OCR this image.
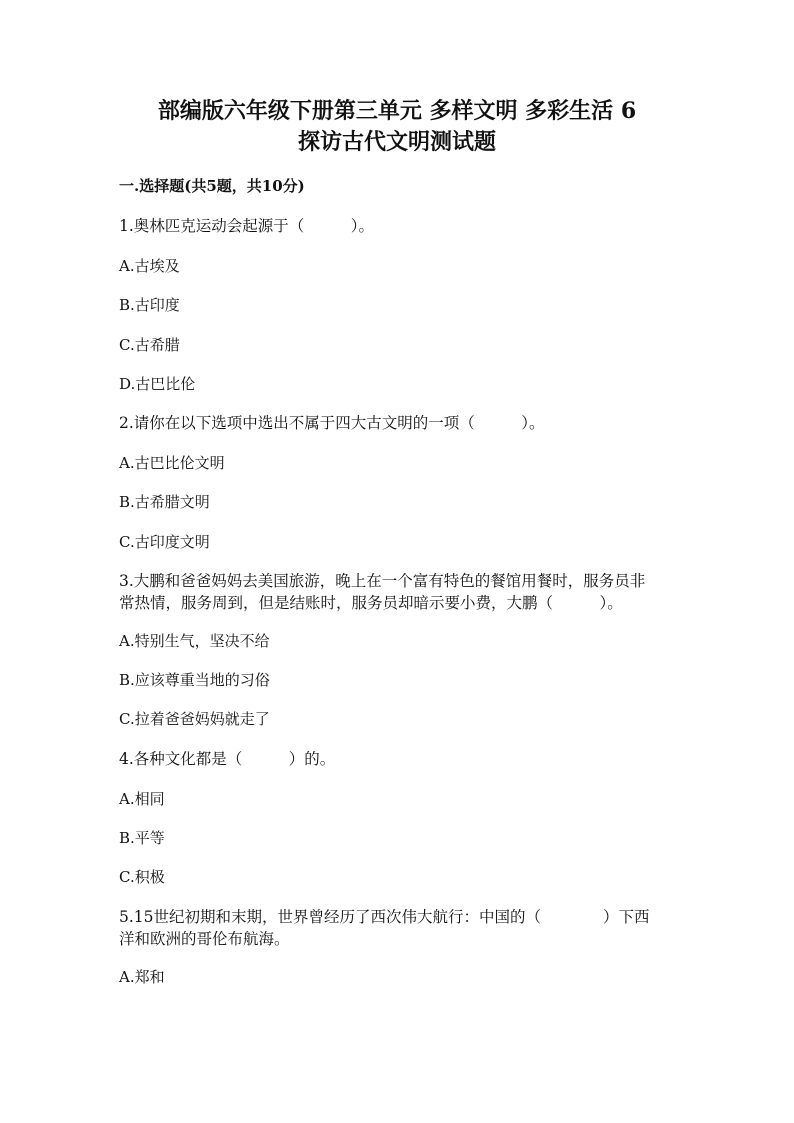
部编版六年级下册第三单元 多样文明 多彩生活 6
探访古代文明测试题

一.选择题(共5题，共10分)

1.奥林匹克运动会起源于（　　　）。

A.古埃及

B.古印度

C.古希腊

D.古巴比伦

2.请你在以下选项中选出不属于四大古文明的一项（　　　）。

A.古巴比伦文明

B.古希腊文明

C.古印度文明

3.大鹏和爸爸妈妈去美国旅游，晚上在一个富有特色的餐馆用餐时，服务员非

常热情，服务周到，但是结账时，服务员却暗示要小费，大鹏（　　　）。

A.特别生气，坚决不给

B.应该尊重当地的习俗

C.拉着爸爸妈妈就走了

4.各种文化都是（　　　）的。

A.相同

B.平等

C.积极

5.15世纪初期和末期，世界曾经历了西次伟大航行：中国的（　　　　）下西

洋和欧洲的哥伦布航海。

A.郑和
